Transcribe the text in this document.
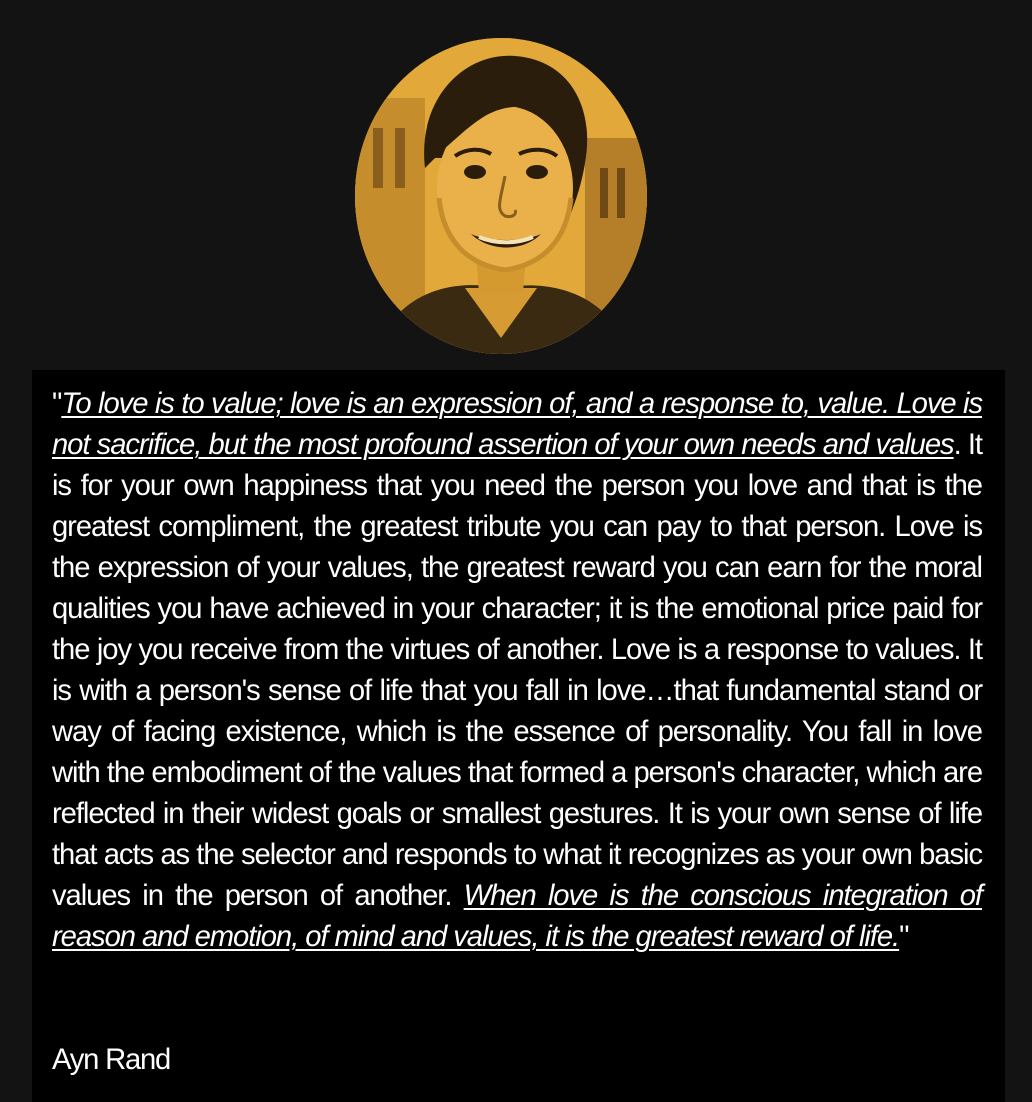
"To love is to value; love is an expression of, and a response to, value. Love is not sacrifice, but the most profound assertion of your own needs and values. It is for your own happiness that you need the person you love and that is the greatest compliment, the greatest tribute you can pay to that person. Love is the expression of your values, the greatest reward you can earn for the moral qualities you have achieved in your character; it is the emotional price paid for the joy you receive from the virtues of another. Love is a response to values. It is with a person's sense of life that you fall in love…that fundamental stand or way of facing existence, which is the essence of personality. You fall in love with the embodiment of the values that formed a person's character, which are reflected in their widest goals or smallest gestures. It is your own sense of life that acts as the selector and responds to what it recognizes as your own basic values in the person of another. When love is the conscious integration of reason and emotion, of mind and values, it is the greatest reward of life."

Ayn Rand
